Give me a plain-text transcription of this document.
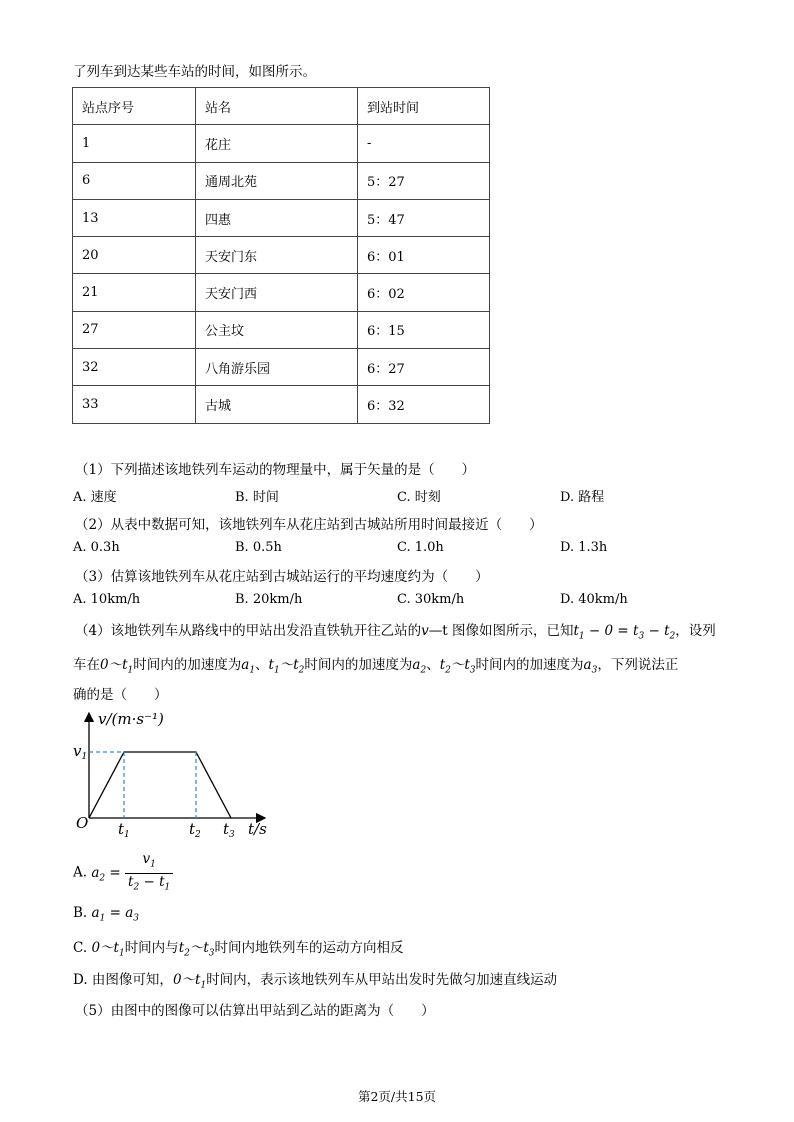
了列车到达某些车站的时间，如图所示。
站点序号	站名	到站时间
1	花庄	-
6	通周北苑	5：27
13	四惠	5：47
20	天安门东	6：01
21	天安门西	6：02
27	公主坟	6：15
32	八角游乐园	6：27
33	古城	6：32
（1）下列描述该地铁列车运动的物理量中，属于矢量的是（　　）
A. 速度	B. 时间	C. 时刻	D. 路程
（2）从表中数据可知，该地铁列车从花庄站到古城站所用时间最接近（　　）
A. 0.3h	B. 0.5h	C. 1.0h	D. 1.3h
（3）估算该地铁列车从花庄站到古城站运行的平均速度约为（　　）
A. 10km/h	B. 20km/h	C. 30km/h	D. 40km/h
（4）该地铁列车从路线中的甲站出发沿直铁轨开往乙站的v—t 图像如图所示，已知$t_1 - 0 = t_3 - t_2$，设列
车在$0\sim t_1$时间内的加速度为$a_1$、$t_1\sim t_2$时间内的加速度为$a_2$、$t_2\sim t_3$时间内的加速度为$a_3$，下列说法正
确的是（　　）
v/(m·s⁻¹)
$v_1$
O $t_1$	$t_2$ $t_3$ t/s
A. $a_2 = \frac{v_1}{t_2 - t_1}$
B. $a_1 = a_3$
C. $0\sim t_1$时间内与$t_2\sim t_3$时间内地铁列车的运动方向相反
D. 由图像可知，$0\sim t_1$时间内，表示该地铁列车从甲站出发时先做匀加速直线运动
（5）由图中的图像可以估算出甲站到乙站的距离为（　　）
第2页/共15页
